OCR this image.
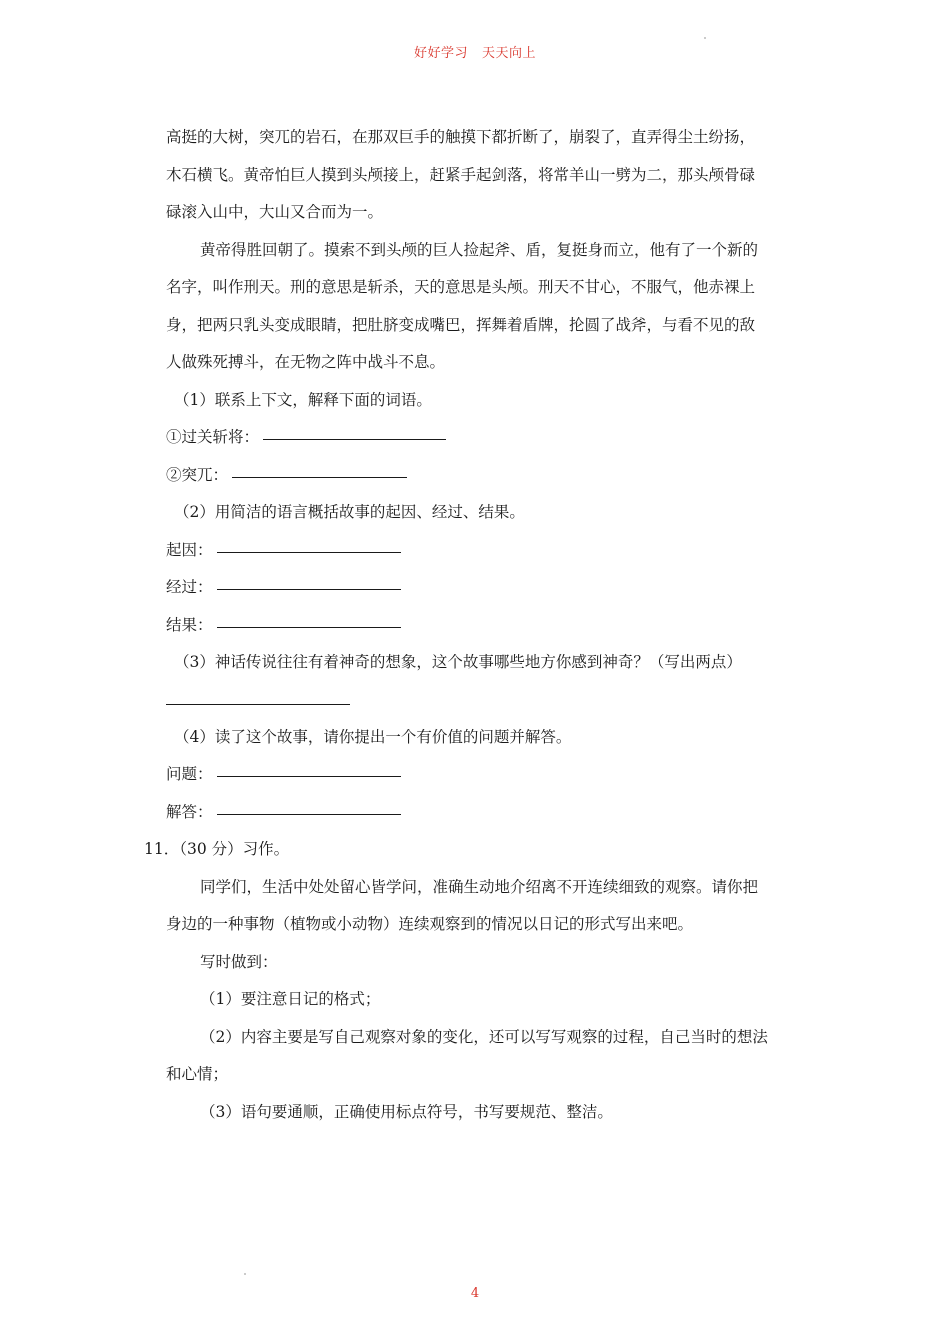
好好学习 天天向上
高挺的大树，突兀的岩石，在那双巨手的触摸下都折断了，崩裂了，直弄得尘土纷扬，
木石横飞。黄帝怕巨人摸到头颅接上，赶紧手起剑落，将常羊山一劈为二，那头颅骨碌
碌滚入山中，大山又合而为一。
黄帝得胜回朝了。摸索不到头颅的巨人捡起斧、盾，复挺身而立，他有了一个新的
名字，叫作刑天。刑的意思是斩杀，天的意思是头颅。刑天不甘心，不服气，他赤裸上
身，把两只乳头变成眼睛，把肚脐变成嘴巴，挥舞着盾牌，抡圆了战斧，与看不见的敌
人做殊死搏斗，在无物之阵中战斗不息。
（1）联系上下文，解释下面的词语。
①过关斩将：
②突兀：
（2）用简洁的语言概括故事的起因、经过、结果。
起因：
经过：
结果：
（3）神话传说往往有着神奇的想象，这个故事哪些地方你感到神奇？（写出两点）
（4）读了这个故事，请你提出一个有价值的问题并解答。
问题：
解答：
11．（30 分）习作。
同学们，生活中处处留心皆学问，准确生动地介绍离不开连续细致的观察。请你把
身边的一种事物（植物或小动物）连续观察到的情况以日记的形式写出来吧。
写时做到：
（1）要注意日记的格式；
（2）内容主要是写自己观察对象的变化，还可以写写观察的过程，自己当时的想法
和心情；
（3）语句要通顺，正确使用标点符号，书写要规范、整洁。
4
